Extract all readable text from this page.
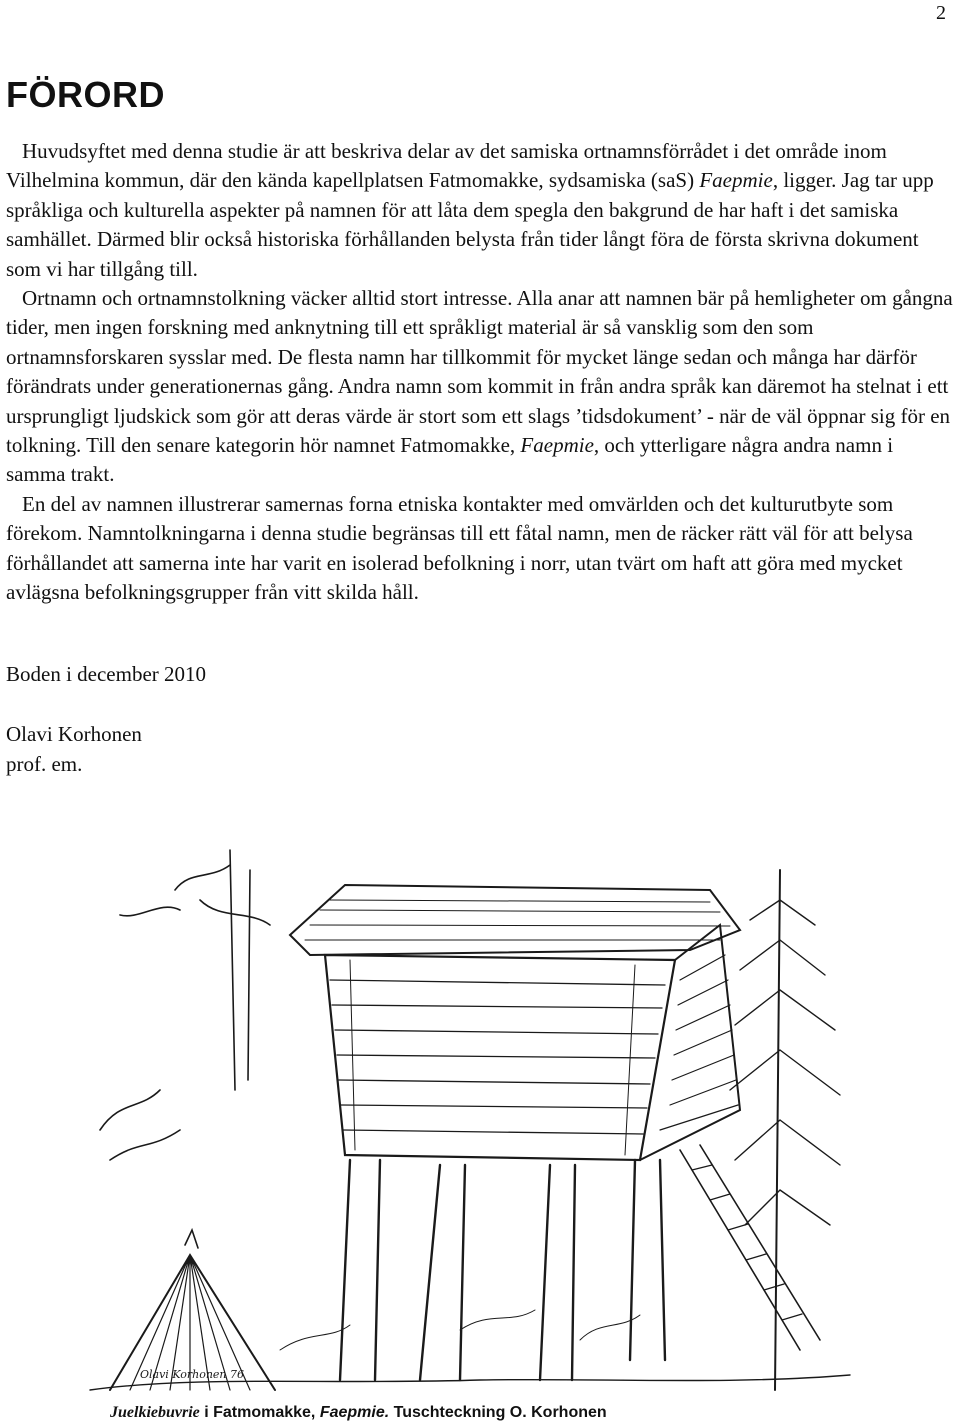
2
FÖRORD

Huvudsyftet med denna studie är att beskriva delar av det samiska ortnamnsförrådet i det område inom Vilhelmina kommun, där den kända kapellplatsen Fatmomakke, sydsamiska (saS) Faepmie, ligger. Jag tar upp språkliga och kulturella aspekter på namnen för att låta dem spegla den bakgrund de har haft i det samiska samhället. Därmed blir också historiska förhållanden belysta från tider långt föra de första skrivna dokument som vi har tillgång till.

Ortnamn och ortnamnstolkning väcker alltid stort intresse. Alla anar att namnen bär på hemligheter om gångna tider, men ingen forskning med anknytning till ett språkligt material är så vansklig som den som ortnamnsforskaren sysslar med. De flesta namn har tillkommit för mycket länge sedan och många har därför förändrats under generationernas gång. Andra namn som kommit in från andra språk kan däremot ha stelnat i ett ursprungligt ljudskick som gör att deras värde är stort som ett slags ’tidsdokument’ - när de väl öppnar sig för en tolkning. Till den senare kategorin hör namnet Fatmomakke, Faepmie, och ytterligare några andra namn i samma trakt.

En del av namnen illustrerar samernas forna etniska kontakter med omvärlden och det kulturutbyte som förekom. Namntolkningarna i denna studie begränsas till ett fåtal namn, men de räcker rätt väl för att belysa förhållandet att samerna inte har varit en isolerad befolkning i norr, utan tvärt om haft att göra med mycket avlägsna befolkningsgrupper från vitt skilda håll.

Boden i december 2010
Olavi Korhonen
prof. em.
Olavi Korhonen 76
Juelkiebuvrie i Fatmomakke, Faepmie. Tuschteckning O. Korhonen
